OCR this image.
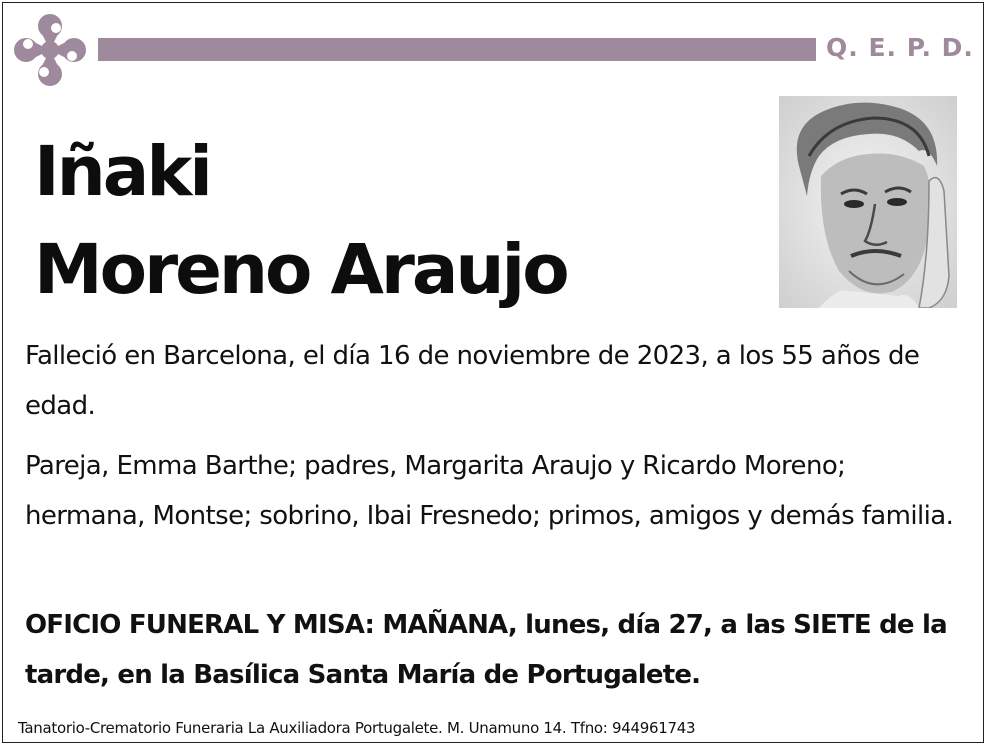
Q. E. P. D.
Iñaki
Moreno Araujo

Falleció en Barcelona, el día 16 de noviembre de 2023, a los 55 años de edad.

Pareja, Emma Barthe; padres, Margarita Araujo y Ricardo Moreno; hermana, Montse; sobrino, Ibai Fresnedo; primos, amigos y demás familia.

OFICIO FUNERAL Y MISA: MAÑANA, lunes, día 27, a las SIETE de la tarde, en la Basílica Santa María de Portugalete.

Tanatorio-Crematorio Funeraria La Auxiliadora Portugalete. M. Unamuno 14. Tfno: 944961743
